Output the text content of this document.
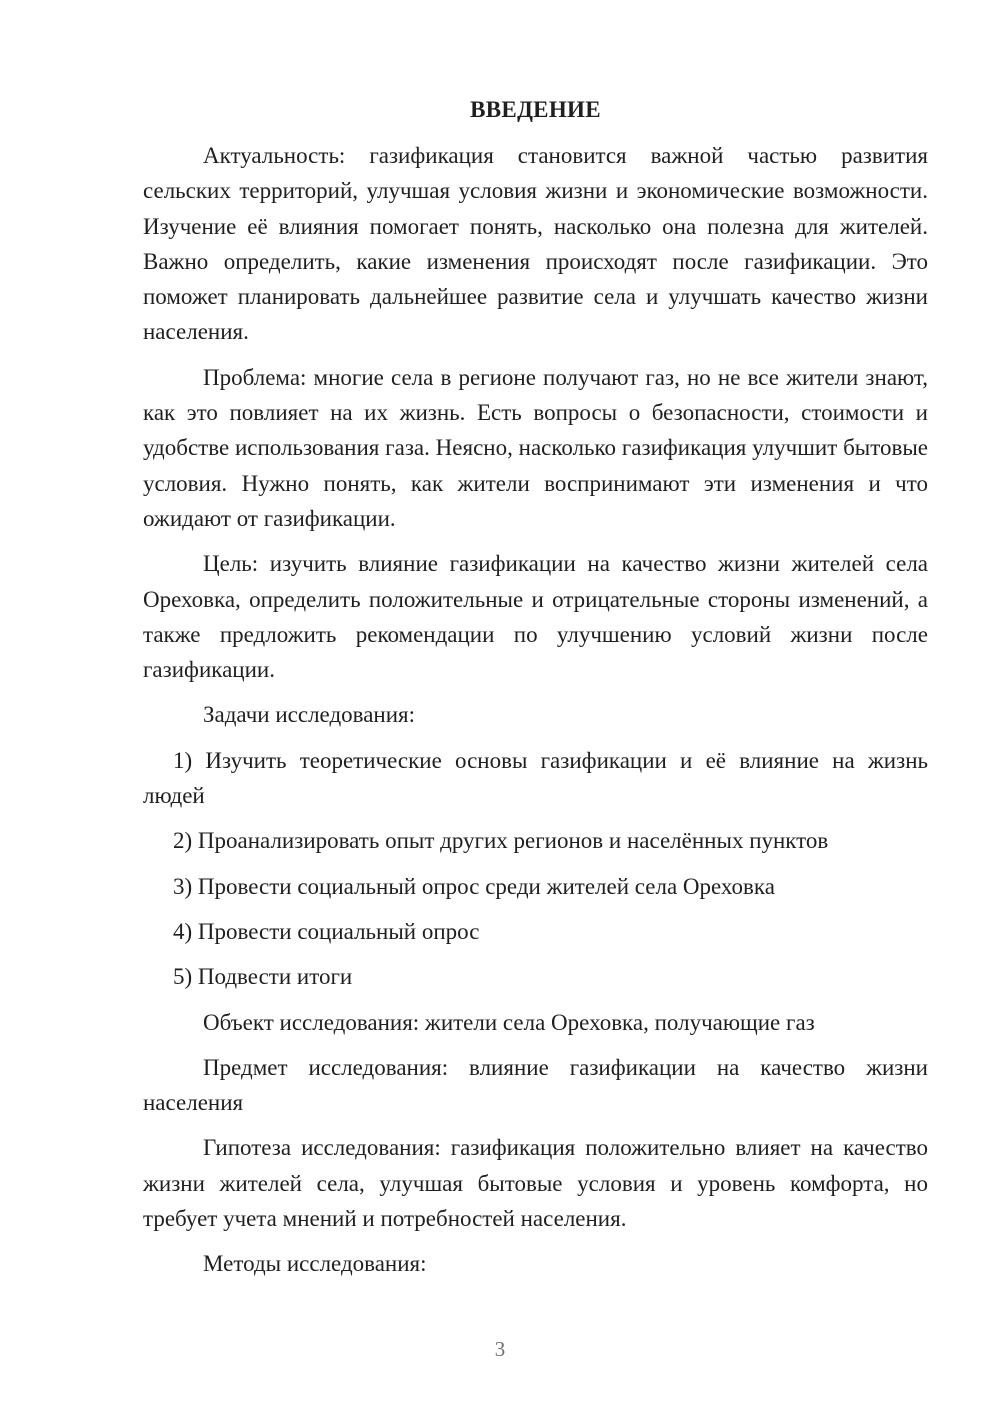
ВВЕДЕНИЕ

Актуальность: газификация становится важной частью развития сельских территорий, улучшая условия жизни и экономические возможности. Изучение её влияния помогает понять, насколько она полезна для жителей. Важно определить, какие изменения происходят после газификации. Это поможет планировать дальнейшее развитие села и улучшать качество жизни населения.

Проблема: многие села в регионе получают газ, но не все жители знают, как это повлияет на их жизнь. Есть вопросы о безопасности, стоимости и удобстве использования газа. Неясно, насколько газификация улучшит бытовые условия. Нужно понять, как жители воспринимают эти изменения и что ожидают от газификации.

Цель: изучить влияние газификации на качество жизни жителей села Ореховка, определить положительные и отрицательные стороны изменений, а также предложить рекомендации по улучшению условий жизни после газификации.

Задачи исследования:

1) Изучить теоретические основы газификации и её влияние на жизнь людей
2) Проанализировать опыт других регионов и населённых пунктов
3) Провести социальный опрос среди жителей села Ореховка
4) Провести социальный опрос
5) Подвести итоги

Объект исследования: жители села Ореховка, получающие газ

Предмет исследования: влияние газификации на качество жизни населения

Гипотеза исследования: газификация положительно влияет на качество жизни жителей села, улучшая бытовые условия и уровень комфорта, но требует учета мнений и потребностей населения.

Методы исследования:

3
